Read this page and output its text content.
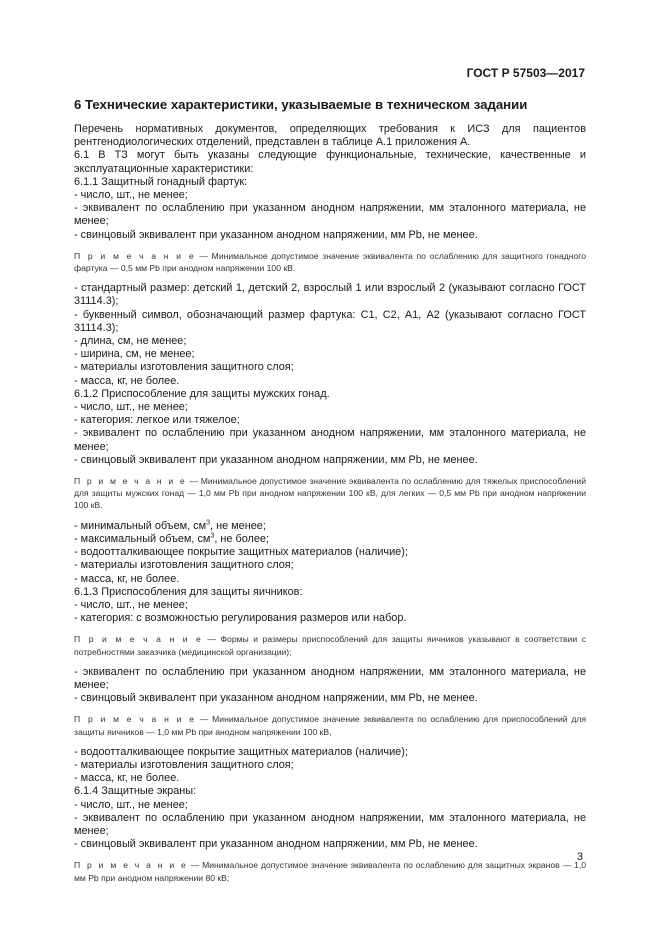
ГОСТ Р 57503—2017
6 Технические характеристики, указываемые в техническом задании

Перечень нормативных документов, определяющих требования к ИСЗ для пациентов рентгенодиологических отделений, представлен в таблице А.1 приложения А.

6.1 В ТЗ могут быть указаны следующие функциональные, технические, качественные и эксплуатационные характеристики:

6.1.1 Защитный гонадный фартук:

- число, шт., не менее;

- эквивалент по ослаблению при указанном анодном напряжении, мм эталонного материала, не менее;

- свинцовый эквивалент при указанном анодном напряжении, мм Pb, не менее.

П р и м е ч а н и е — Минимальное допустимое значение эквивалента по ослаблению для защитного гонадного фартука — 0,5 мм Pb при анодном напряжении 100 кВ.

- стандартный размер: детский 1, детский 2, взрослый 1 или взрослый 2 (указывают согласно ГОСТ 31114.3);

- буквенный символ, обозначающий размер фартука: С1, С2, А1, А2 (указывают согласно ГОСТ 31114.3);

- длина, см, не менее;

- ширина, см, не менее;

- материалы изготовления защитного слоя;

- масса, кг, не более.

6.1.2 Приспособление для защиты мужских гонад.

- число, шт., не менее;

- категория: легкое или тяжелое;

- эквивалент по ослаблению при указанном анодном напряжении, мм эталонного материала, не менее;

- свинцовый эквивалент при указанном анодном напряжении, мм Pb, не менее.

П р и м е ч а н и е — Минимальное допустимое значение эквивалента по ослаблению для тяжелых приспособлений для защиты мужских гонад — 1,0 мм Pb при анодном напряжении 100 кВ, для легких — 0,5 мм Pb при анодном напряжении 100 кВ.

- минимальный объем, $см^3$, не менее;

- максимальный объем, $см^3$, не более;

- водоотталкивающее покрытие защитных материалов (наличие);

- материалы изготовления защитного слоя;

- масса, кг, не более.

6.1.3 Приспособления для защиты яичников:

- число, шт., не менее;

- категория: с возможностью регулирования размеров или набор.

П р и м е ч а н и е — Формы и размеры приспособлений для защиты яичников указывают в соответствии с потребностями заказчика (медицинской организации);

- эквивалент по ослаблению при указанном анодном напряжении, мм эталонного материала, не менее;

- свинцовый эквивалент при указанном анодном напряжении, мм Pb, не менее.

П р и м е ч а н и е — Минимальное допустимое значение эквивалента по ослаблению для приспособлений для защиты яичников — 1,0 мм Pb при анодном напряжении 100 кВ,

- водоотталкивающее покрытие защитных материалов (наличие);

- материалы изготовления защитного слоя;

- масса, кг, не более.

6.1.4 Защитные экраны:

- число, шт., не менее;

- эквивалент по ослаблению при указанном анодном напряжении, мм эталонного материала, не менее;

- свинцовый эквивалент при указанном анодном напряжении, мм Pb, не менее.

П р и м е ч а н и е — Минимальное допустимое значение эквивалента по ослаблению для защитных экранов — 1,0 мм Pb при анодном напряжении 80 кВ;

3
